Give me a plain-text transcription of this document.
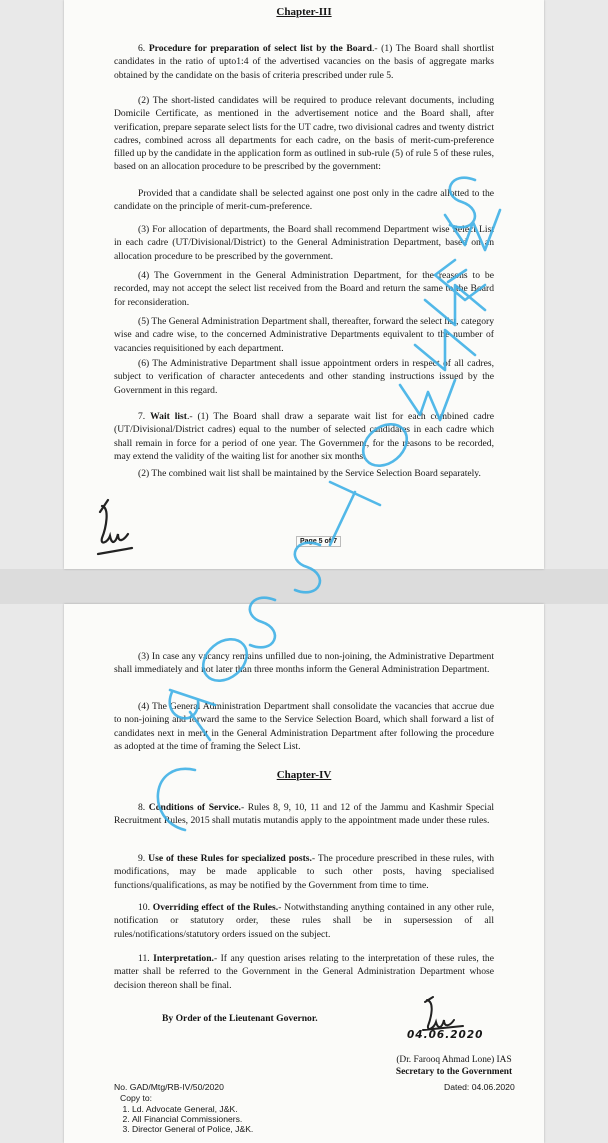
Chapter-III

6. Procedure for preparation of select list by the Board.- (1) The Board shall shortlist candidates in the ratio of upto1:4 of the advertised vacancies on the basis of aggregate marks obtained by the candidate on the basis of criteria prescribed under rule 5.

(2) The short-listed candidates will be required to produce relevant documents, including Domicile Certificate, as mentioned in the advertisement notice and the Board shall, after verification, prepare separate select lists for the UT cadre, two divisional cadres and twenty district cadres, combined across all departments for each cadre, on the basis of merit-cum-preference filled up by the candidate in the application form as outlined in sub-rule (5) of rule 5 of these rules, based on an allocation procedure to be prescribed by the government:

Provided that a candidate shall be selected against one post only in the cadre allotted to the candidate on the principle of merit-cum-preference.

(3) For allocation of departments, the Board shall recommend Department wise Select List in each cadre (UT/Divisional/District) to the General Administration Department, based on an allocation procedure to be prescribed by the government.

(4) The Government in the General Administration Department, for the reasons to be recorded, may not accept the select list received from the Board and return the same to the Board for reconsideration.

(5) The General Administration Department shall, thereafter, forward the select list, category wise and cadre wise, to the concerned Administrative Departments equivalent to the number of vacancies requisitioned by each department.

(6) The Administrative Department shall issue appointment orders in respect of all cadres, subject to verification of character antecedents and other standing instructions issued by the Government in this regard.

7. Wait list.- (1) The Board shall draw a separate wait list for each combined cadre (UT/Divisional/District cadres) equal to the number of selected candidates in each cadre which shall remain in force for a period of one year. The Government, for the reasons to be recorded, may extend the validity of the waiting list for another six months.

(2) The combined wait list shall be maintained by the Service Selection Board separately.

Page 5 of 7

(3) In case any vacancy remains unfilled due to non-joining, the Administrative Department shall immediately and not later than three months inform the General Administration Department.

(4) The General Administration Department shall consolidate the vacancies that accrue due to non-joining and forward the same to the Service Selection Board, which shall forward a list of candidates next in merit in the General Administration Department after following the procedure as adopted at the time of framing the Select List.

Chapter-IV

8. Conditions of Service.- Rules 8, 9, 10, 11 and 12 of the Jammu and Kashmir Special Recruitment Rules, 2015 shall mutatis mutandis apply to the appointment made under these rules.

9. Use of these Rules for specialized posts.- The procedure prescribed in these rules, with modifications, may be made applicable to such other posts, having specialised functions/qualifications, as may be notified by the Government from time to time.

10. Overriding effect of the Rules.- Notwithstanding anything contained in any other rule, notification or statutory order, these rules shall be in supersession of all rules/notifications/statutory orders issued on the subject.

11. Interpretation.- If any question arises relating to the interpretation of these rules, the matter shall be referred to the Government in the General Administration Department whose decision thereon shall be final.

By Order of the Lieutenant Governor.

04.06.2020
(Dr. Farooq Ahmad Lone) IAS
Secretary to the Government
No. GAD/Mtg/RB-IV/50/2020	Dated: 04.06.2020
Copy to:
1. Ld. Advocate General, J&K.
2. All Financial Commissioners.
3. Director General of Police, J&K.
